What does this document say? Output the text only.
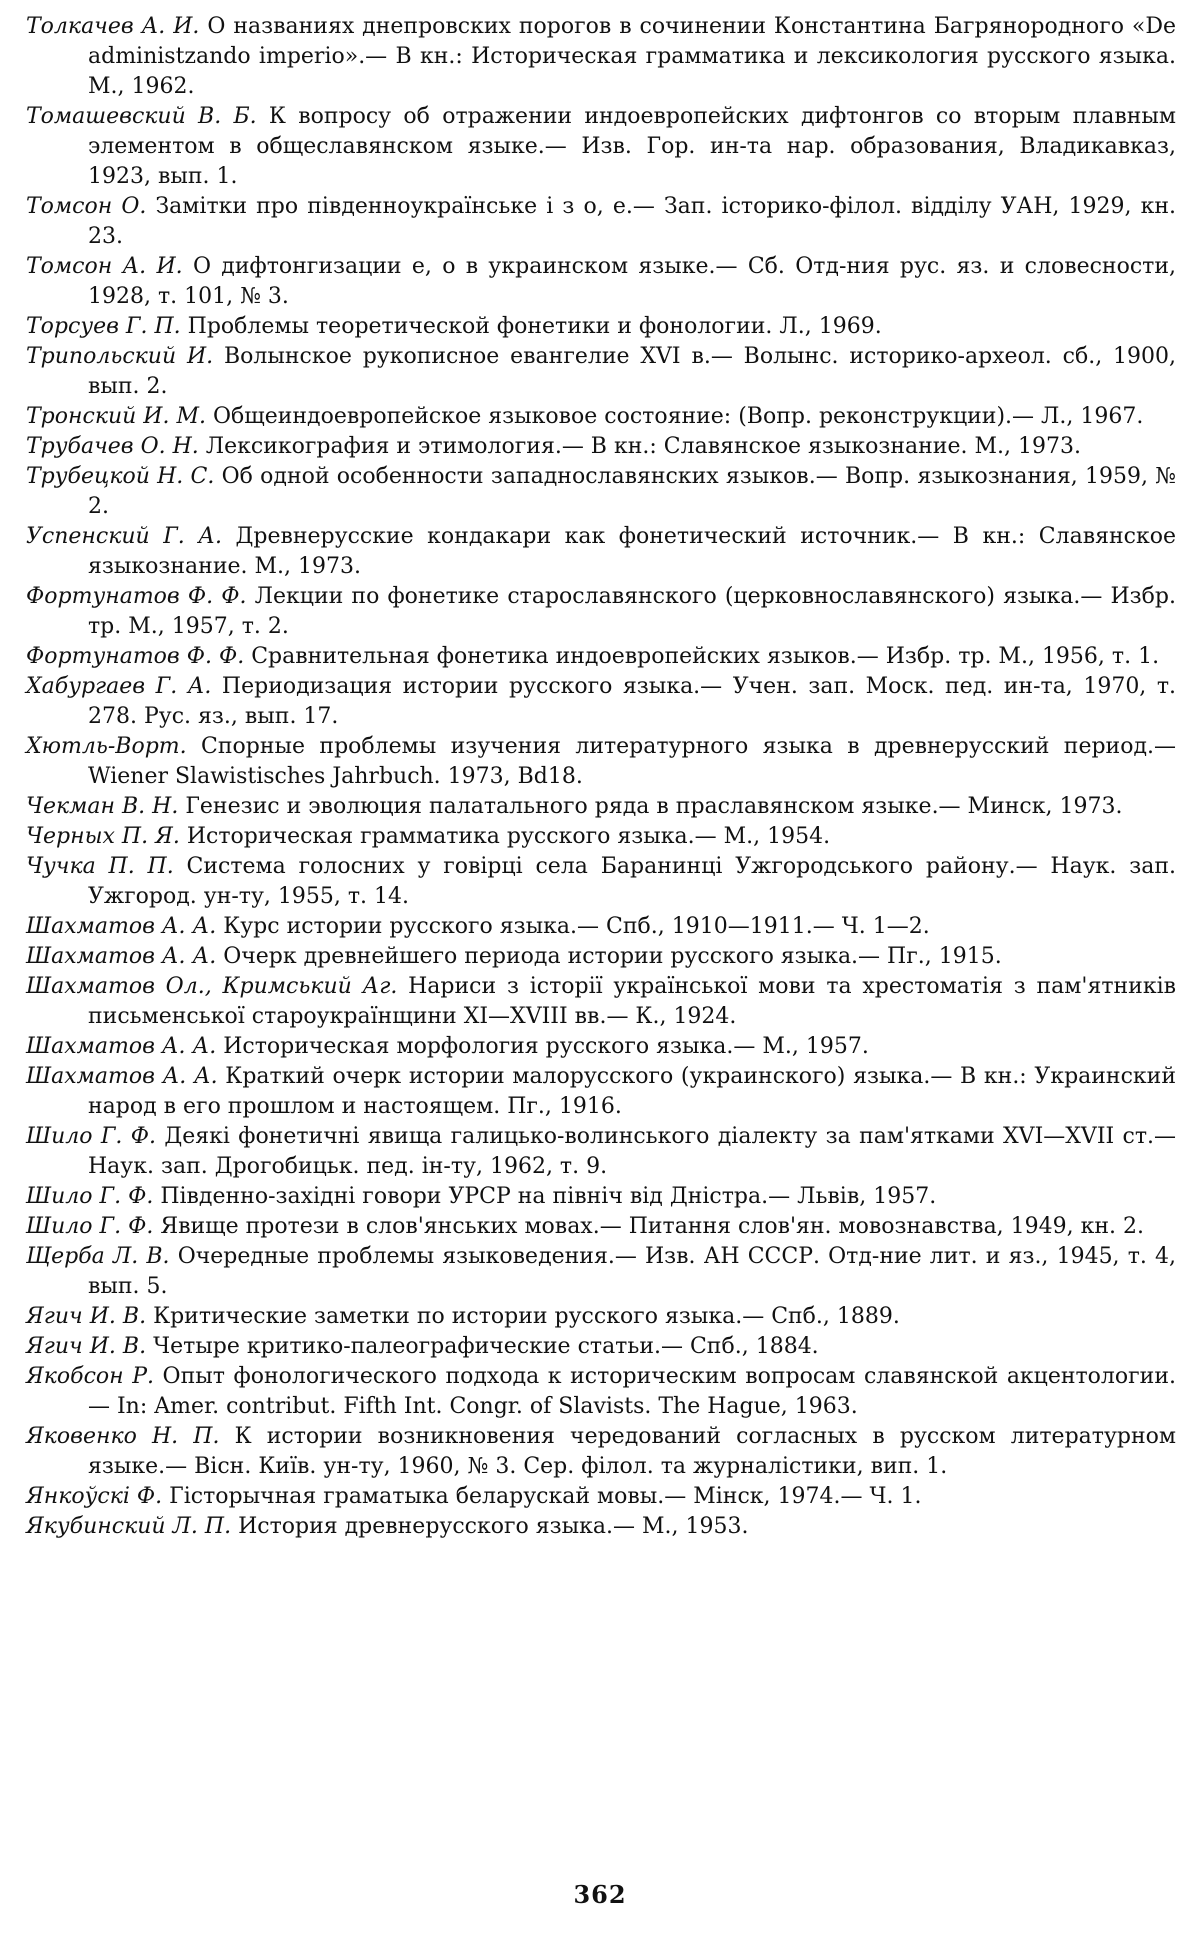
Толкачев А. И. О названиях днепровских порогов в сочинении Константина Багрянородного «De administzando imperio».— В кн.: Историческая грамматика и лексикология русского языка. М., 1962.

Томашевский В. Б. К вопросу об отражении индоевропейских дифтонгов со вторым плавным элементом в общеславянском языке.— Изв. Гор. ин-та нар. образования, Владикавказ, 1923, вып. 1.

Томсон О. Замітки про південноукраїнське і з о, е.— Зап. історико-філол. відділу УАН, 1929, кн. 23.

Томсон А. И. О дифтонгизации е, о в украинском языке.— Сб. Отд-ния рус. яз. и словесности, 1928, т. 101, № 3.

Торсуев Г. П. Проблемы теоретической фонетики и фонологии. Л., 1969.

Трипольский И. Волынское рукописное евангелие XVI в.— Волынс. историко-археол. сб., 1900, вып. 2.

Тронский И. М. Общеиндоевропейское языковое состояние: (Вопр. реконструкции).— Л., 1967.

Трубачев О. Н. Лексикография и этимология.— В кн.: Славянское языкознание. М., 1973.

Трубецкой Н. С. Об одной особенности западнославянских языков.— Вопр. языкознания, 1959, № 2.

Успенский Г. А. Древнерусские кондакари как фонетический источник.— В кн.: Славянское языкознание. М., 1973.

Фортунатов Ф. Ф. Лекции по фонетике старославянского (церковнославянского) языка.— Избр. тр. М., 1957, т. 2.

Фортунатов Ф. Ф. Сравнительная фонетика индоевропейских языков.— Избр. тр. М., 1956, т. 1.

Хабургаев Г. А. Периодизация истории русского языка.— Учен. зап. Моск. пед. ин-та, 1970, т. 278. Рус. яз., вып. 17.

Хютль-Ворт. Спорные проблемы изучения литературного языка в древнерусский период.— Wiener Slawistisches Jahrbuch. 1973, Bd18.

Чекман В. Н. Генезис и эволюция палатального ряда в праславянском языке.— Минск, 1973.

Черных П. Я. Историческая грамматика русского языка.— М., 1954.

Чучка П. П. Система голосних у говірці села Баранинці Ужгородського району.— Наук. зап. Ужгород. ун-ту, 1955, т. 14.

Шахматов А. А. Курс истории русского языка.— Спб., 1910—1911.— Ч. 1—2.

Шахматов А. А. Очерк древнейшего периода истории русского языка.— Пг., 1915.

Шахматов Ол., Кримський Аг. Нариси з історії української мови та хрестоматія з пам'ятників письменської староукраїнщини XI—XVIII вв.— К., 1924.

Шахматов А. А. Историческая морфология русского языка.— М., 1957.

Шахматов А. А. Краткий очерк истории малорусского (украинского) языка.— В кн.: Украинский народ в его прошлом и настоящем. Пг., 1916.

Шило Г. Ф. Деякі фонетичні явища галицько-волинського діалекту за пам'ятками XVI—XVII ст.— Наук. зап. Дрогобицьк. пед. ін-ту, 1962, т. 9.

Шило Г. Ф. Південно-західні говори УРСР на північ від Дністра.— Львів, 1957.

Шило Г. Ф. Явище протези в слов'янських мовах.— Питання слов'ян. мовознавства, 1949, кн. 2.

Щерба Л. В. Очередные проблемы языковедения.— Изв. АН СССР. Отд-ние лит. и яз., 1945, т. 4, вып. 5.

Ягич И. В. Критические заметки по истории русского языка.— Спб., 1889.

Ягич И. В. Четыре критико-палеографические статьи.— Спб., 1884.

Якобсон Р. Опыт фонологического подхода к историческим вопросам славянской акцентологии.— In: Amer. contribut. Fifth Int. Congr. of Slavists. The Hague, 1963.

Яковенко Н. П. К истории возникновения чередований согласных в русском литературном языке.— Вісн. Київ. ун-ту, 1960, № 3. Сер. філол. та журналістики, вип. 1.

Янкоўскі Ф. Гісторычная граматыка беларускай мовы.— Мінск, 1974.— Ч. 1.

Якубинский Л. П. История древнерусского языка.— М., 1953.

362
